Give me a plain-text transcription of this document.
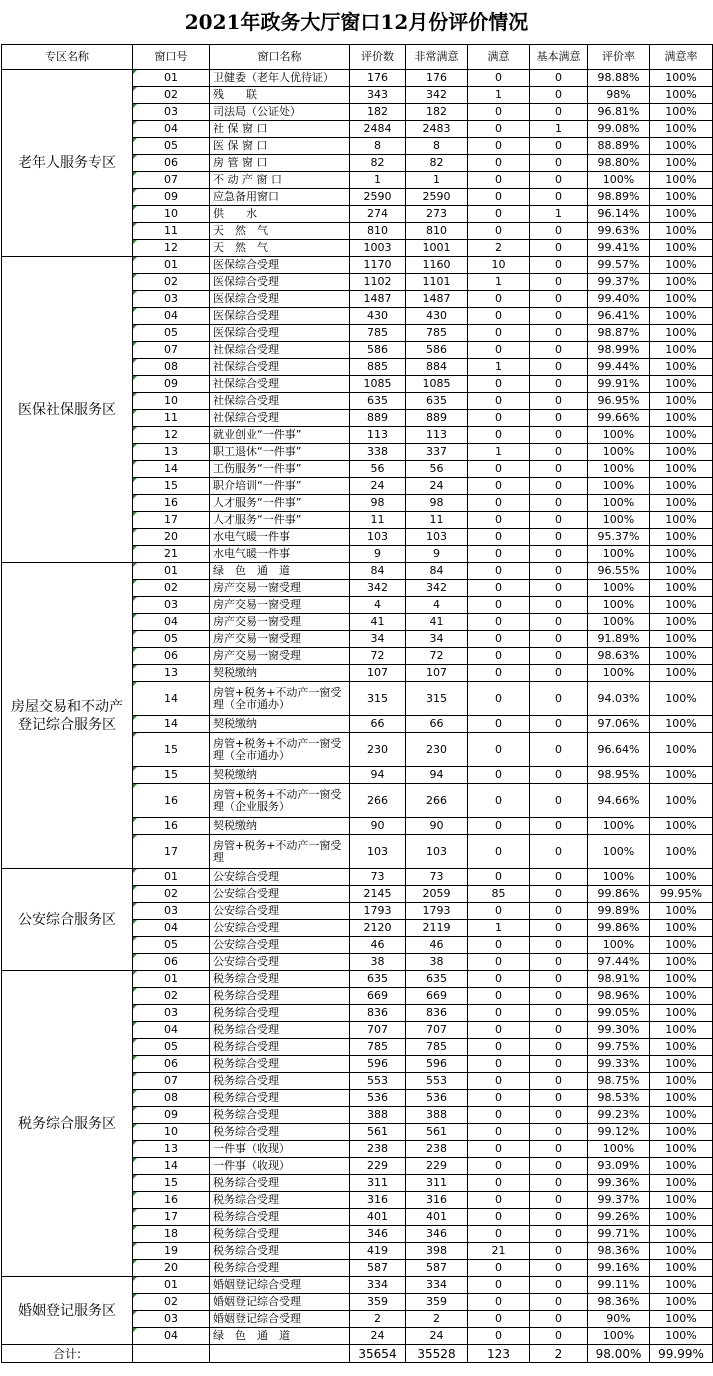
2021年政务大厅窗口12月份评价情况
专区名称	窗口号	窗口名称	评价数	非常满意	满意	基本满意	评价率	满意率
老年人服务专区	01	卫健委（老年人优待证）	176	176	0	0	98.88%	100%
	02	残　　联	343	342	1	0	98%	100%
	03	司法局（公证处）	182	182	0	0	96.81%	100%
	04	社 保 窗 口	2484	2483	0	1	99.08%	100%
	05	医 保 窗 口	8	8	0	0	88.89%	100%
	06	房 管 窗 口	82	82	0	0	98.80%	100%
	07	不 动 产 窗 口	1	1	0	0	100%	100%
	09	应急备用窗口	2590	2590	0	0	98.89%	100%
	10	供　　水	274	273	0	1	96.14%	100%
	11	天　然　气	810	810	0	0	99.63%	100%
	12	天　然　气	1003	1001	2	0	99.41%	100%
医保社保服务区	01	医保综合受理	1170	1160	10	0	99.57%	100%
	02	医保综合受理	1102	1101	1	0	99.37%	100%
	03	医保综合受理	1487	1487	0	0	99.40%	100%
	04	医保综合受理	430	430	0	0	96.41%	100%
	05	医保综合受理	785	785	0	0	98.87%	100%
	07	社保综合受理	586	586	0	0	98.99%	100%
	08	社保综合受理	885	884	1	0	99.44%	100%
	09	社保综合受理	1085	1085	0	0	99.91%	100%
	10	社保综合受理	635	635	0	0	96.95%	100%
	11	社保综合受理	889	889	0	0	99.66%	100%
	12	就业创业“一件事”	113	113	0	0	100%	100%
	13	职工退休“一件事”	338	337	1	0	100%	100%
	14	工伤服务“一件事”	56	56	0	0	100%	100%
	15	职介培训“一件事”	24	24	0	0	100%	100%
	16	人才服务“一件事”	98	98	0	0	100%	100%
	17	人才服务“一件事”	11	11	0	0	100%	100%
	20	水电气暖一件事	103	103	0	0	95.37%	100%
	21	水电气暖一件事	9	9	0	0	100%	100%
房屋交易和不动产登记综合服务区	01	绿　色　通　道	84	84	0	0	96.55%	100%
	02	房产交易一窗受理	342	342	0	0	100%	100%
	03	房产交易一窗受理	4	4	0	0	100%	100%
	04	房产交易一窗受理	41	41	0	0	100%	100%
	05	房产交易一窗受理	34	34	0	0	91.89%	100%
	06	房产交易一窗受理	72	72	0	0	98.63%	100%
	13	契税缴纳	107	107	0	0	100%	100%
	14	房管+税务+不动产一窗受理（全市通办）	315	315	0	0	94.03%	100%
	14	契税缴纳	66	66	0	0	97.06%	100%
	15	房管+税务+不动产一窗受理（全市通办）	230	230	0	0	96.64%	100%
	15	契税缴纳	94	94	0	0	98.95%	100%
	16	房管+税务+不动产一窗受理（企业服务）	266	266	0	0	94.66%	100%
	16	契税缴纳	90	90	0	0	100%	100%
	17	房管+税务+不动产一窗受理	103	103	0	0	100%	100%
公安综合服务区	01	公安综合受理	73	73	0	0	100%	100%
	02	公安综合受理	2145	2059	85	0	99.86%	99.95%
	03	公安综合受理	1793	1793	0	0	99.89%	100%
	04	公安综合受理	2120	2119	1	0	99.86%	100%
	05	公安综合受理	46	46	0	0	100%	100%
	06	公安综合受理	38	38	0	0	97.44%	100%
税务综合服务区	01	税务综合受理	635	635	0	0	98.91%	100%
	02	税务综合受理	669	669	0	0	98.96%	100%
	03	税务综合受理	836	836	0	0	99.05%	100%
	04	税务综合受理	707	707	0	0	99.30%	100%
	05	税务综合受理	785	785	0	0	99.75%	100%
	06	税务综合受理	596	596	0	0	99.33%	100%
	07	税务综合受理	553	553	0	0	98.75%	100%
	08	税务综合受理	536	536	0	0	98.53%	100%
	09	税务综合受理	388	388	0	0	99.23%	100%
	10	税务综合受理	561	561	0	0	99.12%	100%
	13	一件事（收现）	238	238	0	0	100%	100%
	14	一件事（收现）	229	229	0	0	93.09%	100%
	15	税务综合受理	311	311	0	0	99.36%	100%
	16	税务综合受理	316	316	0	0	99.37%	100%
	17	税务综合受理	401	401	0	0	99.26%	100%
	18	税务综合受理	346	346	0	0	99.71%	100%
	19	税务综合受理	419	398	21	0	98.36%	100%
	20	税务综合受理	587	587	0	0	99.16%	100%
婚姻登记服务区	01	婚姻登记综合受理	334	334	0	0	99.11%	100%
	02	婚姻登记综合受理	359	359	0	0	98.36%	100%
	03	婚姻登记综合受理	2	2	0	0	90%	100%
	04	绿　色　通　道	24	24	0	0	100%	100%
合计:			35654	35528	123	2	98.00%	99.99%
